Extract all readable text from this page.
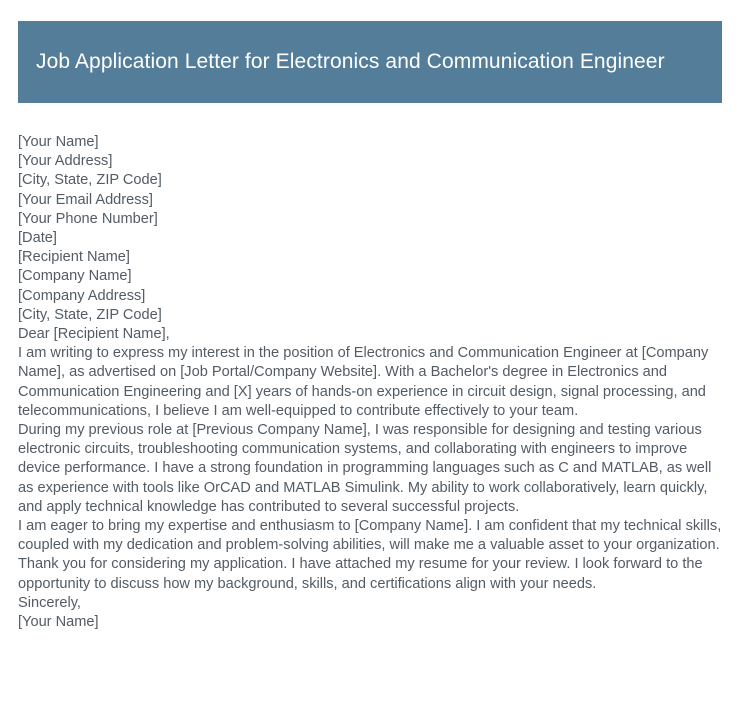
Job Application Letter for Electronics and Communication Engineer

[Your Name]

[Your Address]

[City, State, ZIP Code]

[Your Email Address]

[Your Phone Number]

[Date]

[Recipient Name]

[Company Name]

[Company Address]

[City, State, ZIP Code]

Dear [Recipient Name],

I am writing to express my interest in the position of Electronics and Communication Engineer at [Company Name], as advertised on [Job Portal/Company Website]. With a Bachelor's degree in Electronics and Communication Engineering and [X] years of hands-on experience in circuit design, signal processing, and telecommunications, I believe I am well-equipped to contribute effectively to your team.

During my previous role at [Previous Company Name], I was responsible for designing and testing various electronic circuits, troubleshooting communication systems, and collaborating with engineers to improve device performance. I have a strong foundation in programming languages such as C and MATLAB, as well as experience with tools like OrCAD and MATLAB Simulink. My ability to work collaboratively, learn quickly, and apply technical knowledge has contributed to several successful projects.

I am eager to bring my expertise and enthusiasm to [Company Name]. I am confident that my technical skills, coupled with my dedication and problem-solving abilities, will make me a valuable asset to your organization.

Thank you for considering my application. I have attached my resume for your review. I look forward to the opportunity to discuss how my background, skills, and certifications align with your needs.

Sincerely,

[Your Name]
